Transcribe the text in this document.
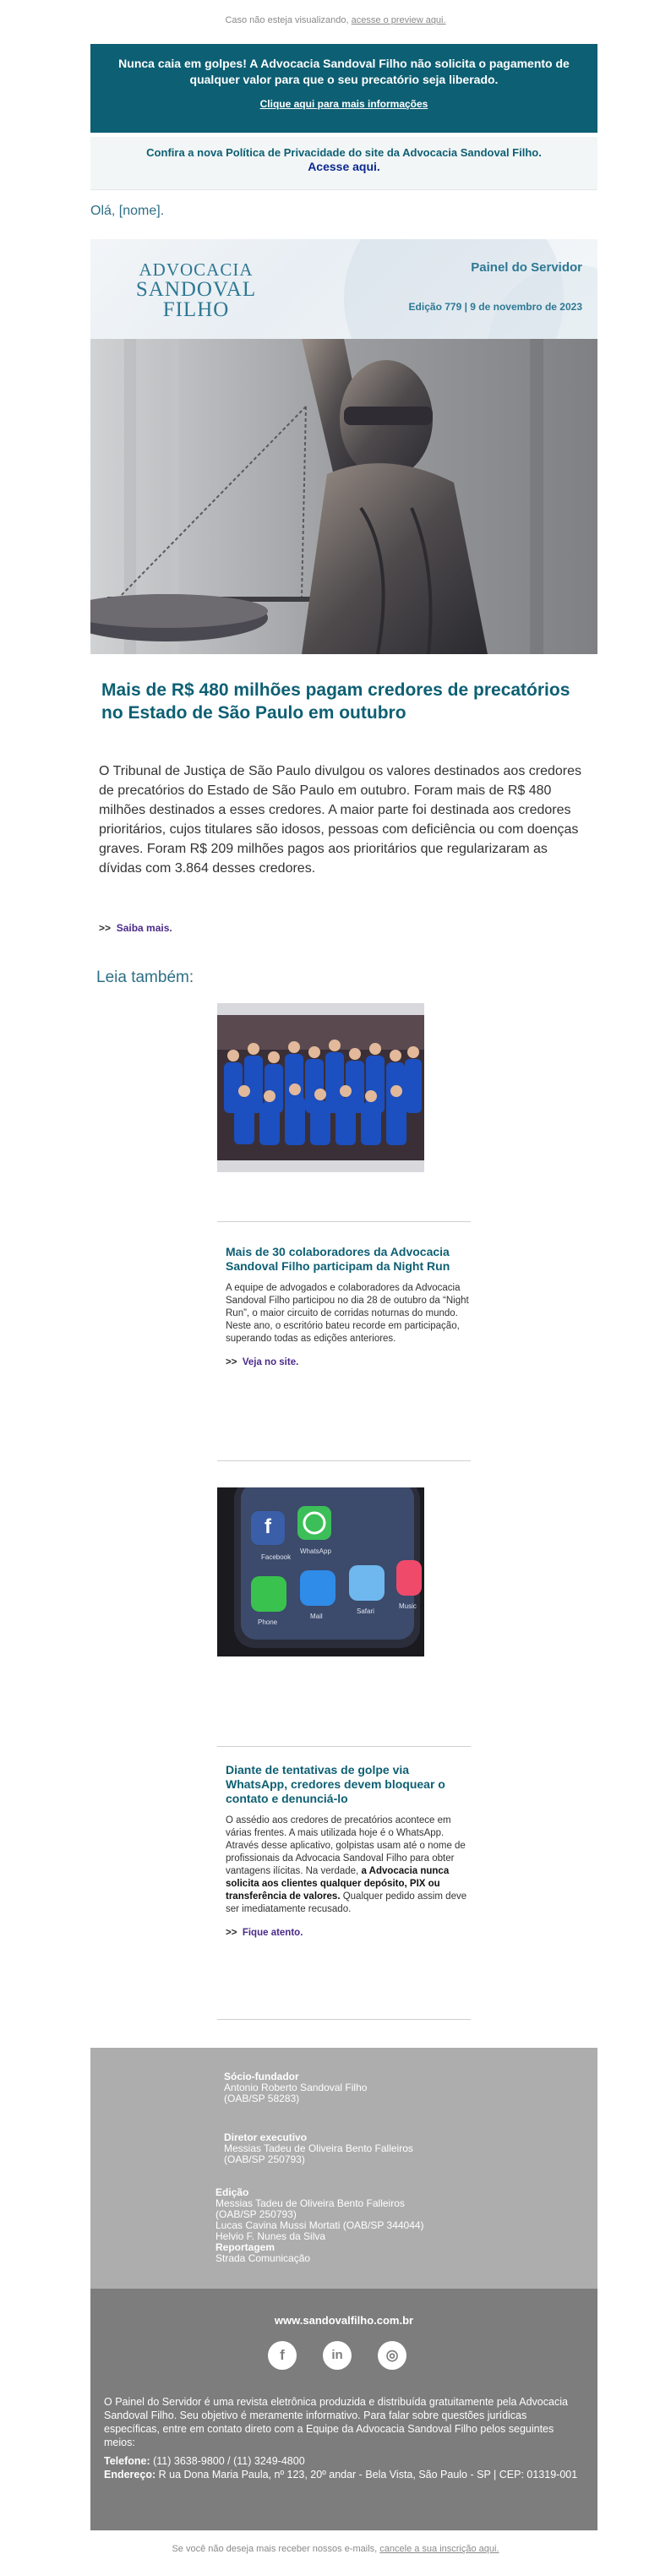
Caso não esteja visualizando, acesse o preview aqui.
Nunca caia em golpes! A Advocacia Sandoval Filho não solicita o pagamento de qualquer valor para que o seu precatório seja liberado.
Clique aqui para mais informações
Confira a nova Política de Privacidade do site da Advocacia Sandoval Filho.
Acesse aqui.
Olá, [nome].
ADVOCACIA
SANDOVAL
FILHO
Painel do Servidor
Edição 779 | 9 de novembro de 2023
Mais de R$ 480 milhões pagam credores de precatórios no Estado de São Paulo em outubro
O Tribunal de Justiça de São Paulo divulgou os valores destinados aos credores de precatórios do Estado de São Paulo em outubro. Foram mais de R$ 480 milhões destinados a esses credores. A maior parte foi destinada aos credores prioritários, cujos titulares são idosos, pessoas com deficiência ou com doenças graves. Foram R$ 209 milhões pagos aos prioritários que regularizaram as dívidas com 3.864 desses credores.
>> Saiba mais.
Leia também:
Mais de 30 colaboradores da Advocacia Sandoval Filho participam da Night Run
A equipe de advogados e colaboradores da Advocacia Sandoval Filho participou no dia 28 de outubro da “Night Run”, o maior circuito de corridas noturnas do mundo. Neste ano, o escritório bateu recorde em participação, superando todas as edições anteriores.
>> Veja no site.
f
Facebook
WhatsApp
Phone
Mail
Safari
Music
Diante de tentativas de golpe via WhatsApp, credores devem bloquear o contato e denunciá-lo
O assédio aos credores de precatórios acontece em várias frentes. A mais utilizada hoje é o WhatsApp. Através desse aplicativo, golpistas usam até o nome de profissionais da Advocacia Sandoval Filho para obter vantagens ilícitas. Na verdade, a Advocacia nunca solicita aos clientes qualquer depósito, PIX ou transferência de valores. Qualquer pedido assim deve ser imediatamente recusado.
>> Fique atento.
Sócio-fundador
Antonio Roberto Sandoval Filho
(OAB/SP 58283)
Diretor executivo
Messias Tadeu de Oliveira Bento Falleiros
(OAB/SP 250793)
Edição
Messias Tadeu de Oliveira Bento Falleiros
(OAB/SP 250793)
Lucas Cavina Mussi Mortati (OAB/SP 344044)
Helvio F. Nunes da Silva
Reportagem
Strada Comunicação
www.sandovalfilho.com.br
f	in	◎
O Painel do Servidor é uma revista eletrônica produzida e distribuída gratuitamente pela Advocacia Sandoval Filho. Seu objetivo é meramente informativo. Para falar sobre questões jurídicas específicas, entre em contato direto com a Equipe da Advocacia Sandoval Filho pelos seguintes meios:
Telefone: (11) 3638-9800 / (11) 3249-4800
Endereço: R ua Dona Maria Paula, nº 123, 20º andar - Bela Vista, São Paulo - SP | CEP: 01319-001
Se você não deseja mais receber nossos e-mails, cancele a sua inscrição aqui.
